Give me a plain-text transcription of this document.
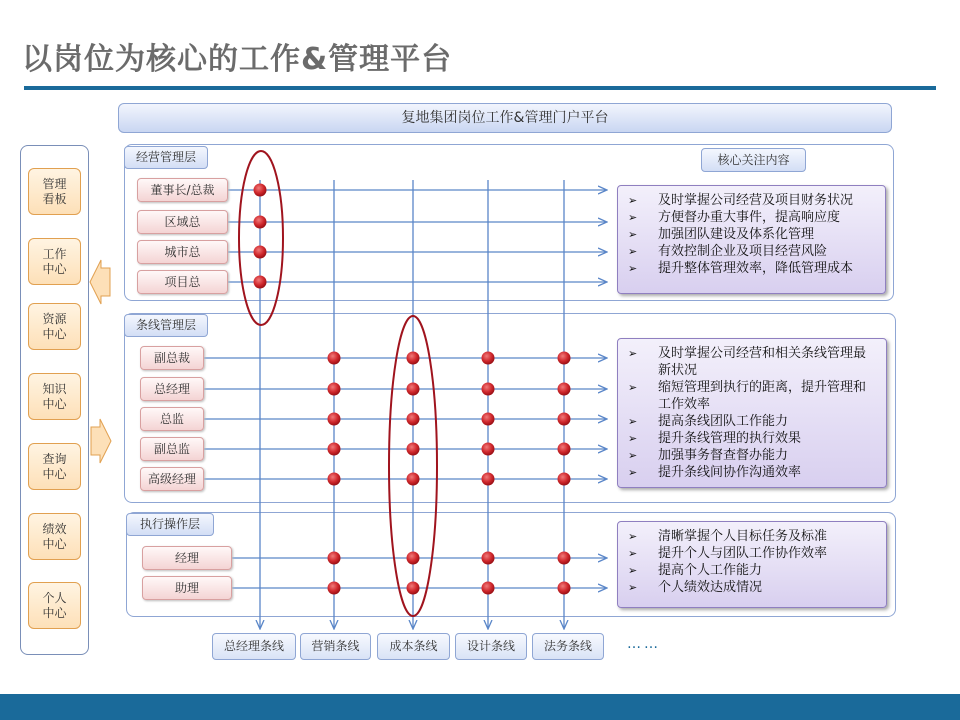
以岗位为核心的工作&管理平台
复地集团岗位工作&管理门户平台
管理
看板
工作
中心
资源
中心
知识
中心
查询
中心
绩效
中心
个人
中心
经营管理层
条线管理层
执行操作层
核心关注内容
董事长/总裁
区域总
城市总
项目总
副总裁
总经理
总监
副总监
高级经理
经理
助理
➢ 及时掌握公司经营及项目财务状况
➢ 方便督办重大事件，提高响应度
➢ 加强团队建设及体系化管理
➢ 有效控制企业及项目经营风险
➢ 提升整体管理效率，降低管理成本
➢ 及时掌握公司经营和相关条线管理最新状况
➢ 缩短管理到执行的距离，提升管理和工作效率
➢ 提高条线团队工作能力
➢ 提升条线管理的执行效果
➢ 加强事务督查督办能力
➢ 提升条线间协作沟通效率
➢ 清晰掌握个人目标任务及标准
➢ 提升个人与团队工作协作效率
➢ 提高个人工作能力
➢ 个人绩效达成情况
总经理条线	营销条线	成本条线	设计条线	法务条线	……
